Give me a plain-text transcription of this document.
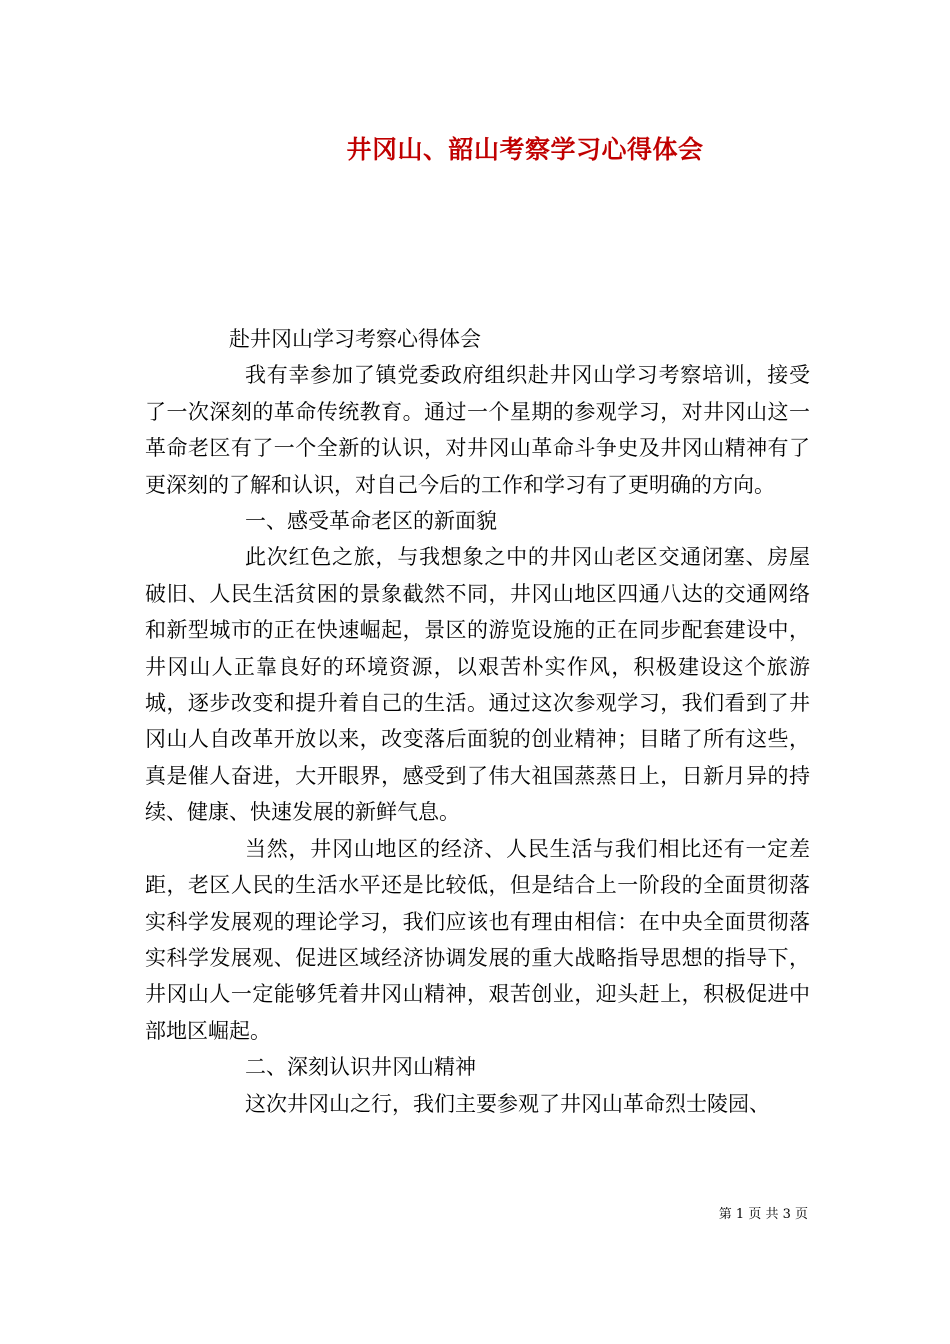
井冈山、韶山考察学习心得体会

赴井冈山学习考察心得体会

我有幸参加了镇党委政府组织赴井冈山学习考察培训，接受了一次深刻的革命传统教育。通过一个星期的参观学习，对井冈山这一革命老区有了一个全新的认识，对井冈山革命斗争史及井冈山精神有了更深刻的了解和认识，对自己今后的工作和学习有了更明确的方向。

一、感受革命老区的新面貌

此次红色之旅，与我想象之中的井冈山老区交通闭塞、房屋破旧、人民生活贫困的景象截然不同，井冈山地区四通八达的交通网络和新型城市的正在快速崛起，景区的游览设施的正在同步配套建设中，井冈山人正靠良好的环境资源，以艰苦朴实作风，积极建设这个旅游城，逐步改变和提升着自己的生活。通过这次参观学习，我们看到了井冈山人自改革开放以来，改变落后面貌的创业精神；目睹了所有这些，真是催人奋进，大开眼界，感受到了伟大祖国蒸蒸日上，日新月异的持续、健康、快速发展的新鲜气息。

当然，井冈山地区的经济、人民生活与我们相比还有一定差距，老区人民的生活水平还是比较低，但是结合上一阶段的全面贯彻落实科学发展观的理论学习，我们应该也有理由相信：在中央全面贯彻落实科学发展观、促进区域经济协调发展的重大战略指导思想的指导下，井冈山人一定能够凭着井冈山精神，艰苦创业，迎头赶上，积极促进中部地区崛起。

二、深刻认识井冈山精神

这次井冈山之行，我们主要参观了井冈山革命烈士陵园、

第 1 页 共 3 页
